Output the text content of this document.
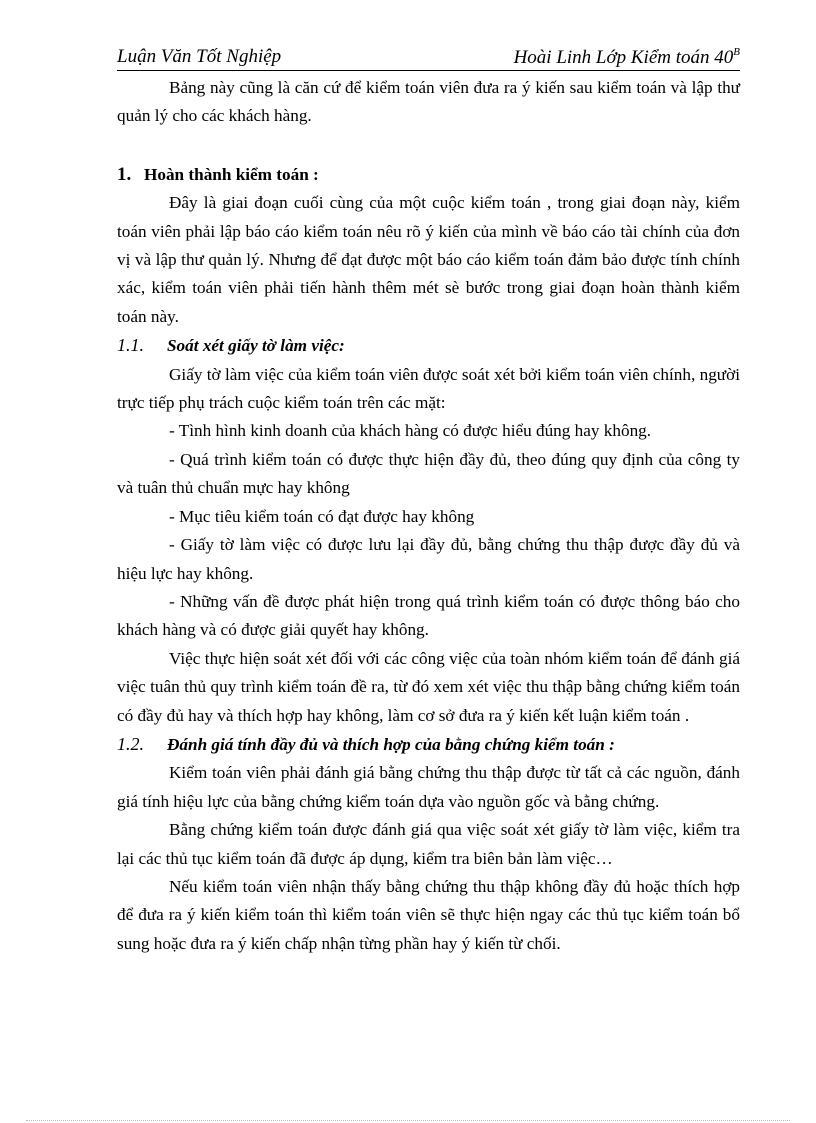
Luận Văn Tốt Nghiệp	Hoài Linh Lớp Kiểm toán $40^B$

Bảng này cũng là căn cứ để kiểm toán viên đưa ra ý kiến sau kiểm toán và lập thư quản lý cho các khách hàng.

1. Hoàn thành kiểm toán :

Đây là giai đoạn cuối cùng của một cuộc kiểm toán , trong giai đoạn này, kiểm toán viên phải lập báo cáo kiểm toán nêu rõ ý kiến của mình về báo cáo tài chính của đơn vị và lập thư quản lý. Nhưng để đạt được một báo cáo kiểm toán đảm bảo được tính chính xác, kiểm toán viên phải tiến hành thêm mét sè bước trong giai đoạn hoàn thành kiểm toán này.

1.1.	Soát xét giấy tờ làm việc:

Giấy tờ làm việc của kiểm toán viên được soát xét bởi kiểm toán viên chính, người trực tiếp phụ trách cuộc kiểm toán trên các mặt:

- Tình hình kinh doanh của khách hàng có được hiểu đúng hay không.

- Quá trình kiểm toán có được thực hiện đầy đủ, theo đúng quy định của công ty và tuân thủ chuẩn mực hay không

- Mục tiêu kiểm toán có đạt được hay không

- Giấy tờ làm việc có được lưu lại đầy đủ, bằng chứng thu thập được đầy đủ và hiệu lực hay không.

- Những vấn đề được phát hiện trong quá trình kiểm toán có được thông báo cho khách hàng và có được giải quyết hay không.

Việc thực hiện soát xét đối với các công việc của toàn nhóm kiểm toán để đánh giá việc tuân thủ quy trình kiểm toán đề ra, từ đó xem xét việc thu thập bằng chứng kiểm toán có đầy đủ hay và thích hợp hay không, làm cơ sở đưa ra ý kiến kết luận kiểm toán .

1.2.	Đánh giá tính đầy đủ và thích hợp của bằng chứng kiểm toán :

Kiểm toán viên phải đánh giá bằng chứng thu thập được từ tất cả các nguồn, đánh giá tính hiệu lực của bằng chứng kiểm toán dựa vào nguồn gốc và bằng chứng.

Bằng chứng kiểm toán được đánh giá qua việc soát xét giấy tờ làm việc, kiểm tra lại các thủ tục kiểm toán đã được áp dụng, kiểm tra biên bản làm việc…

Nếu kiểm toán viên nhận thấy bằng chứng thu thập không đầy đủ hoặc thích hợp để đưa ra ý kiến kiểm toán thì kiểm toán viên sẽ thực hiện ngay các thủ tục kiểm toán bổ sung hoặc đưa ra ý kiến chấp nhận từng phần hay ý kiến từ chối.
